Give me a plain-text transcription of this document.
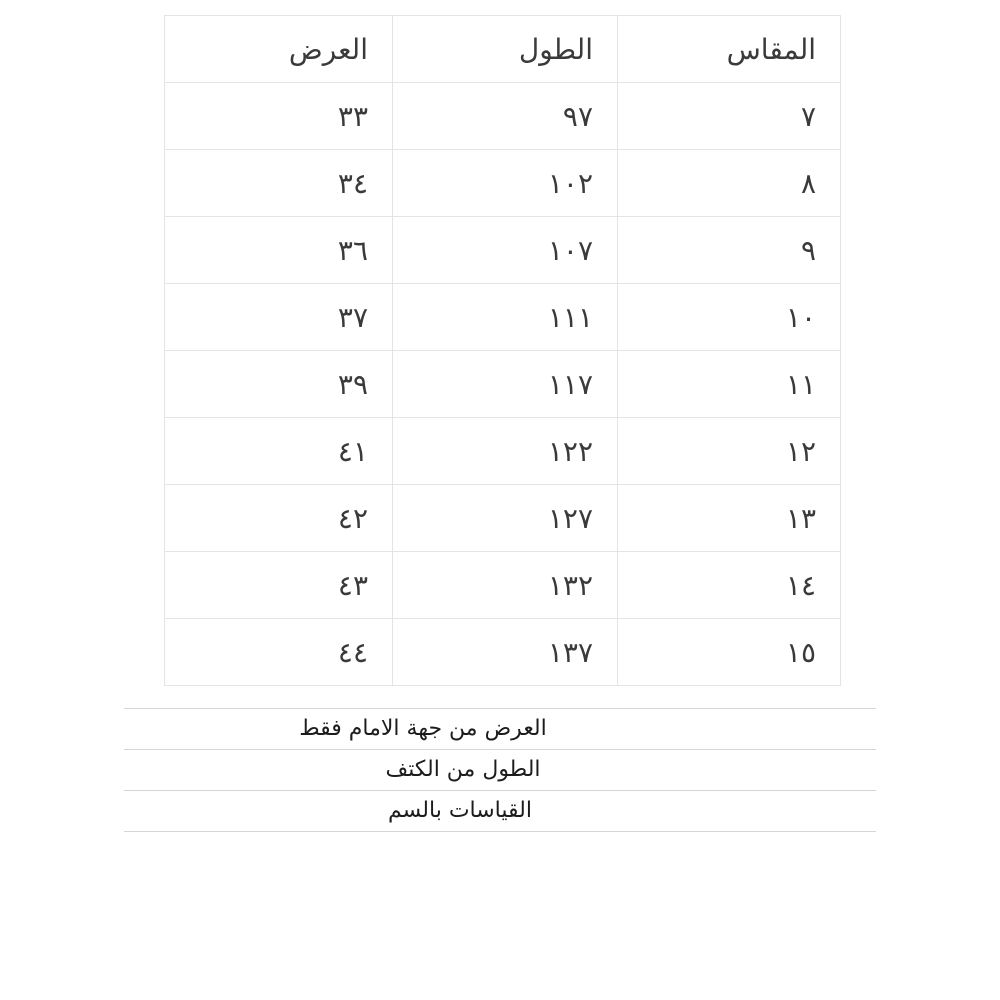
المقاس	الطول	العرض
٧	٩٧	٣٣
٨	١٠٢	٣٤
٩	١٠٧	٣٦
١٠	١١١	٣٧
١١	١١٧	٣٩
١٢	١٢٢	٤١
١٣	١٢٧	٤٢
١٤	١٣٢	٤٣
١٥	١٣٧	٤٤
العرض من جهة الامام فقط
الطول من الكتف
القياسات بالسم
